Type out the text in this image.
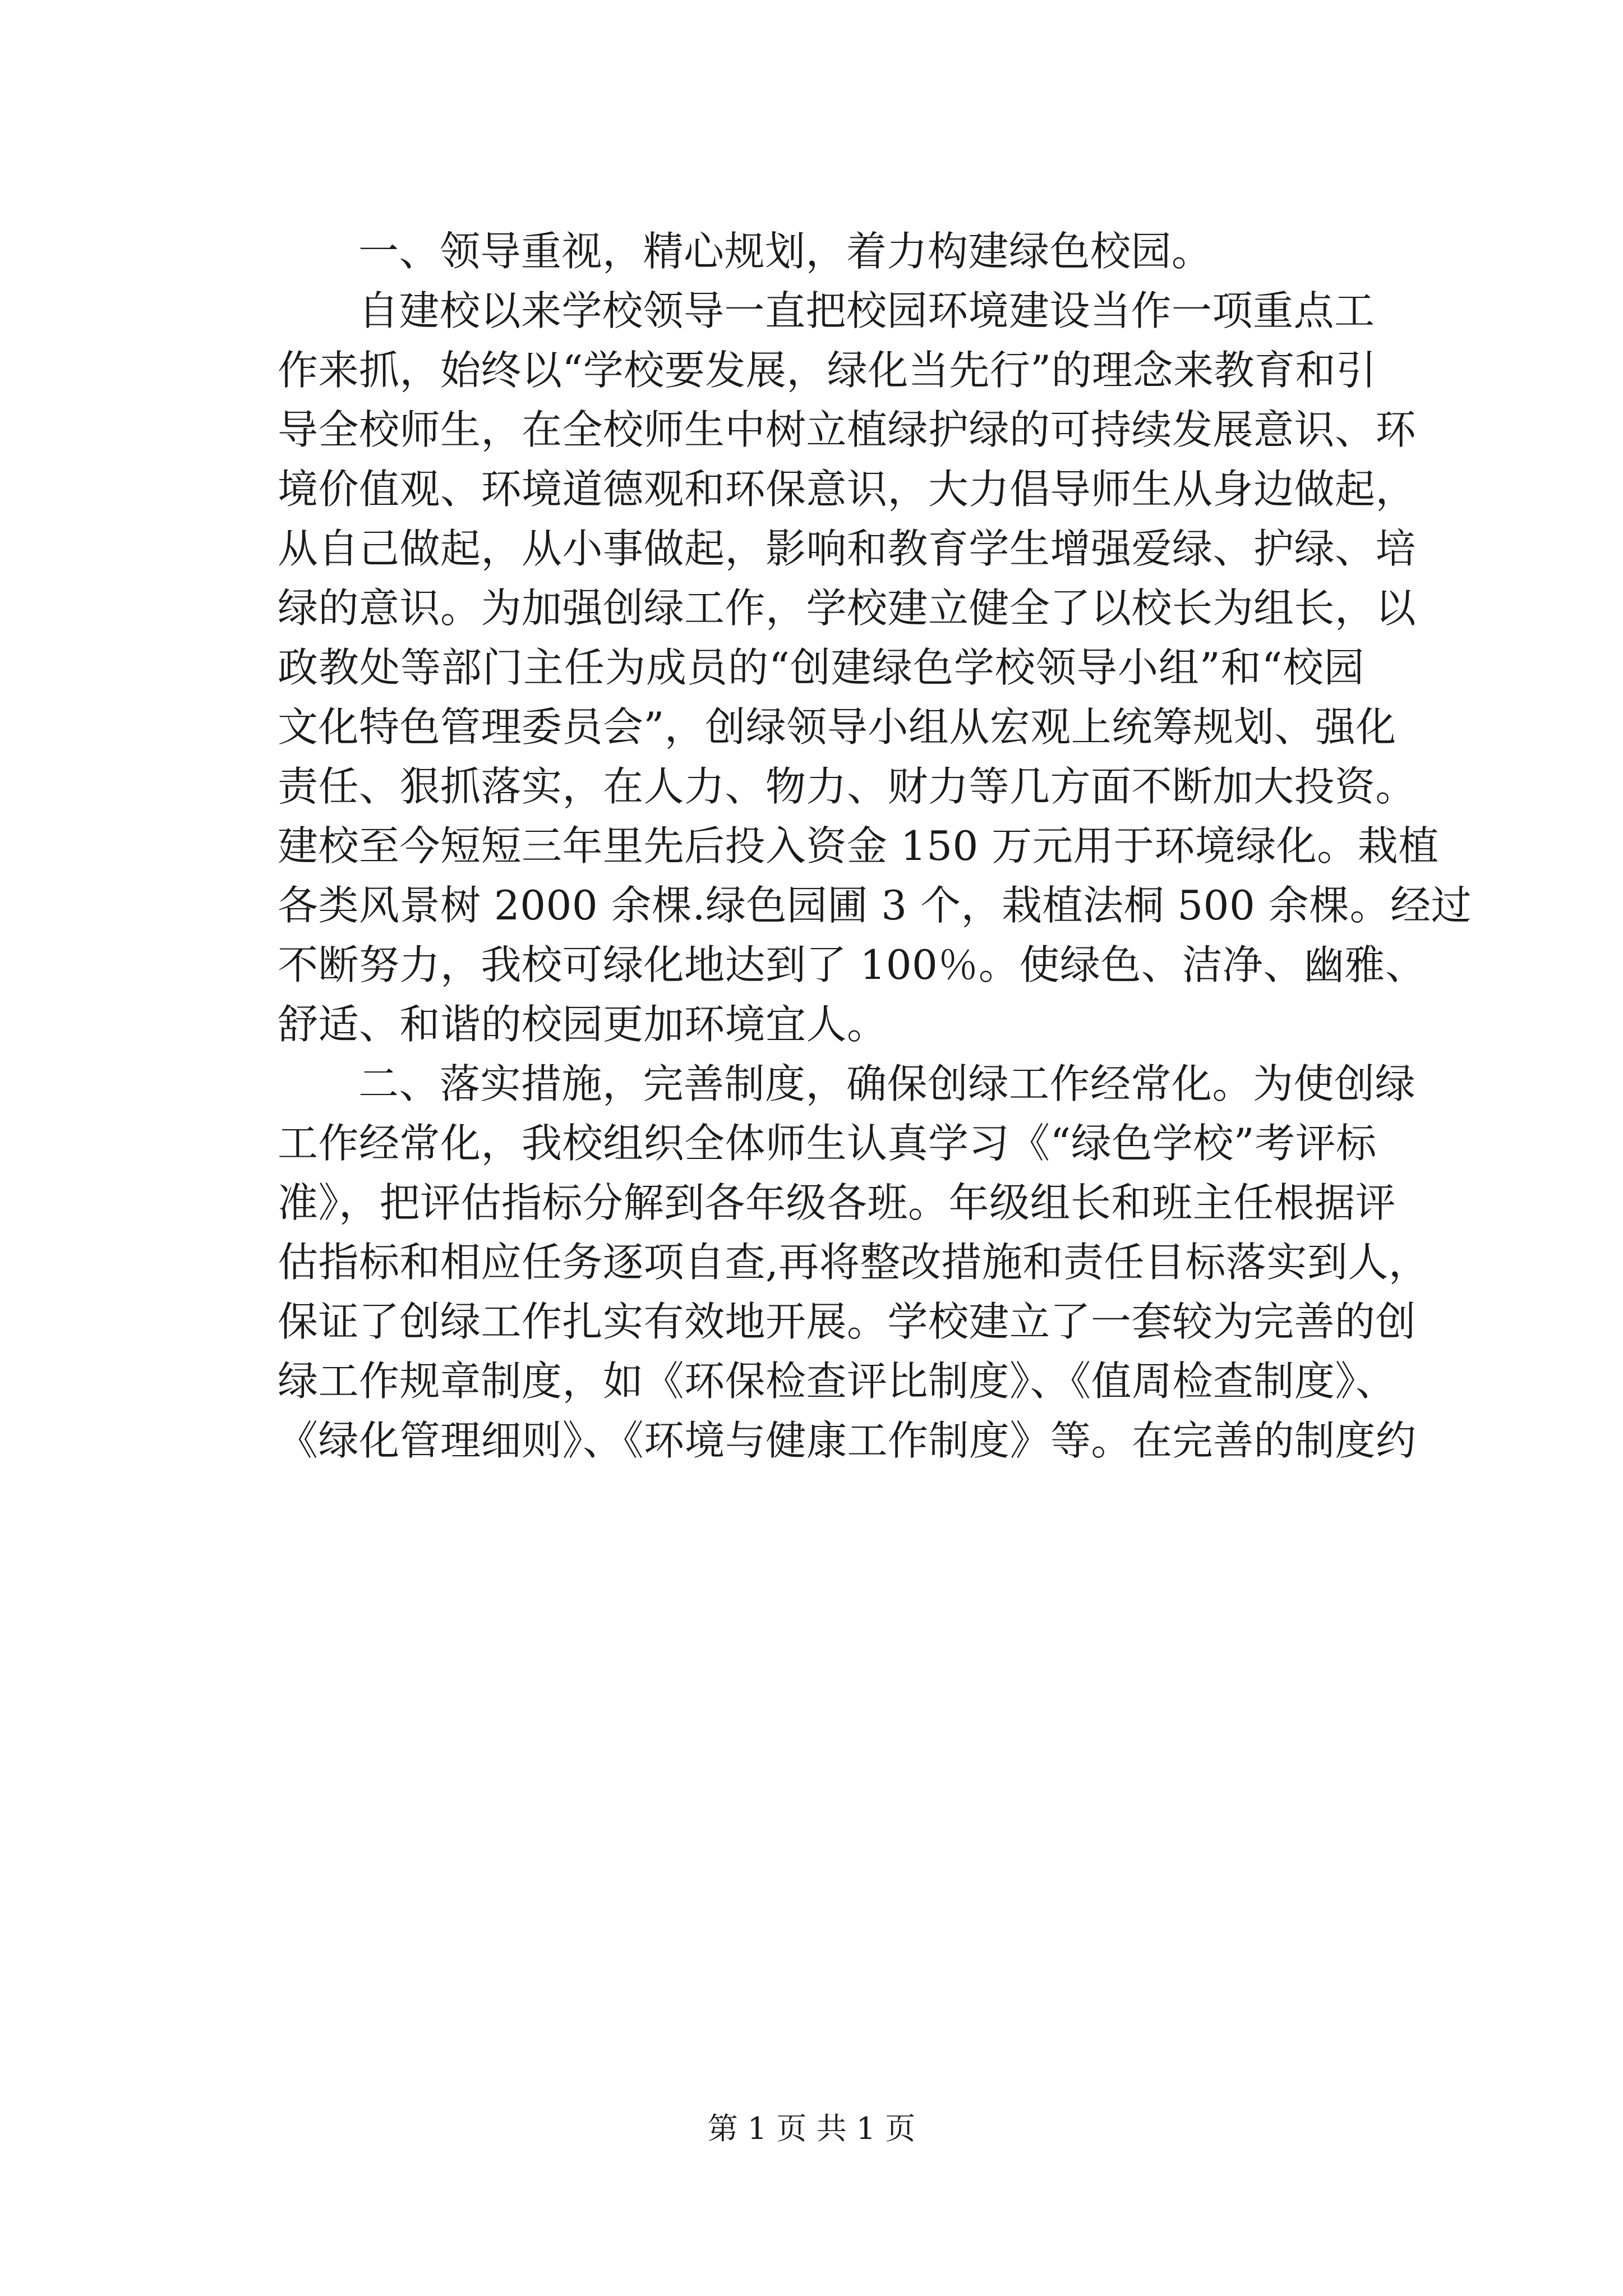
一、领导重视，精心规划，着力构建绿色校园。
自建校以来学校领导一直把校园环境建设当作一项重点工
作来抓，始终以“学校要发展，绿化当先行”的理念来教育和引
导全校师生，在全校师生中树立植绿护绿的可持续发展意识、环
境价值观、环境道德观和环保意识，大力倡导师生从身边做起，
从自己做起，从小事做起，影响和教育学生增强爱绿、护绿、培
绿的意识。为加强创绿工作，学校建立健全了以校长为组长，以
政教处等部门主任为成员的“创建绿色学校领导小组”和“校园
文化特色管理委员会”，创绿领导小组从宏观上统筹规划、强化
责任、狠抓落实，在人力、物力、财力等几方面不断加大投资。
建校至今短短三年里先后投入资金 150 万元用于环境绿化。栽植
各类风景树 2000 余棵.绿色园圃 3 个，栽植法桐 500 余棵。经过
不断努力，我校可绿化地达到了 100％。使绿色、洁净、幽雅、
舒适、和谐的校园更加环境宜人。
二、落实措施，完善制度，确保创绿工作经常化。为使创绿
工作经常化，我校组织全体师生认真学习《“绿色学校”考评标
准》，把评估指标分解到各年级各班。年级组长和班主任根据评
估指标和相应任务逐项自查,再将整改措施和责任目标落实到人，
保证了创绿工作扎实有效地开展。学校建立了一套较为完善的创
绿工作规章制度，如《环保检查评比制度》、《值周检查制度》、
《绿化管理细则》、《环境与健康工作制度》等。在完善的制度约
第 1 页 共 1 页
